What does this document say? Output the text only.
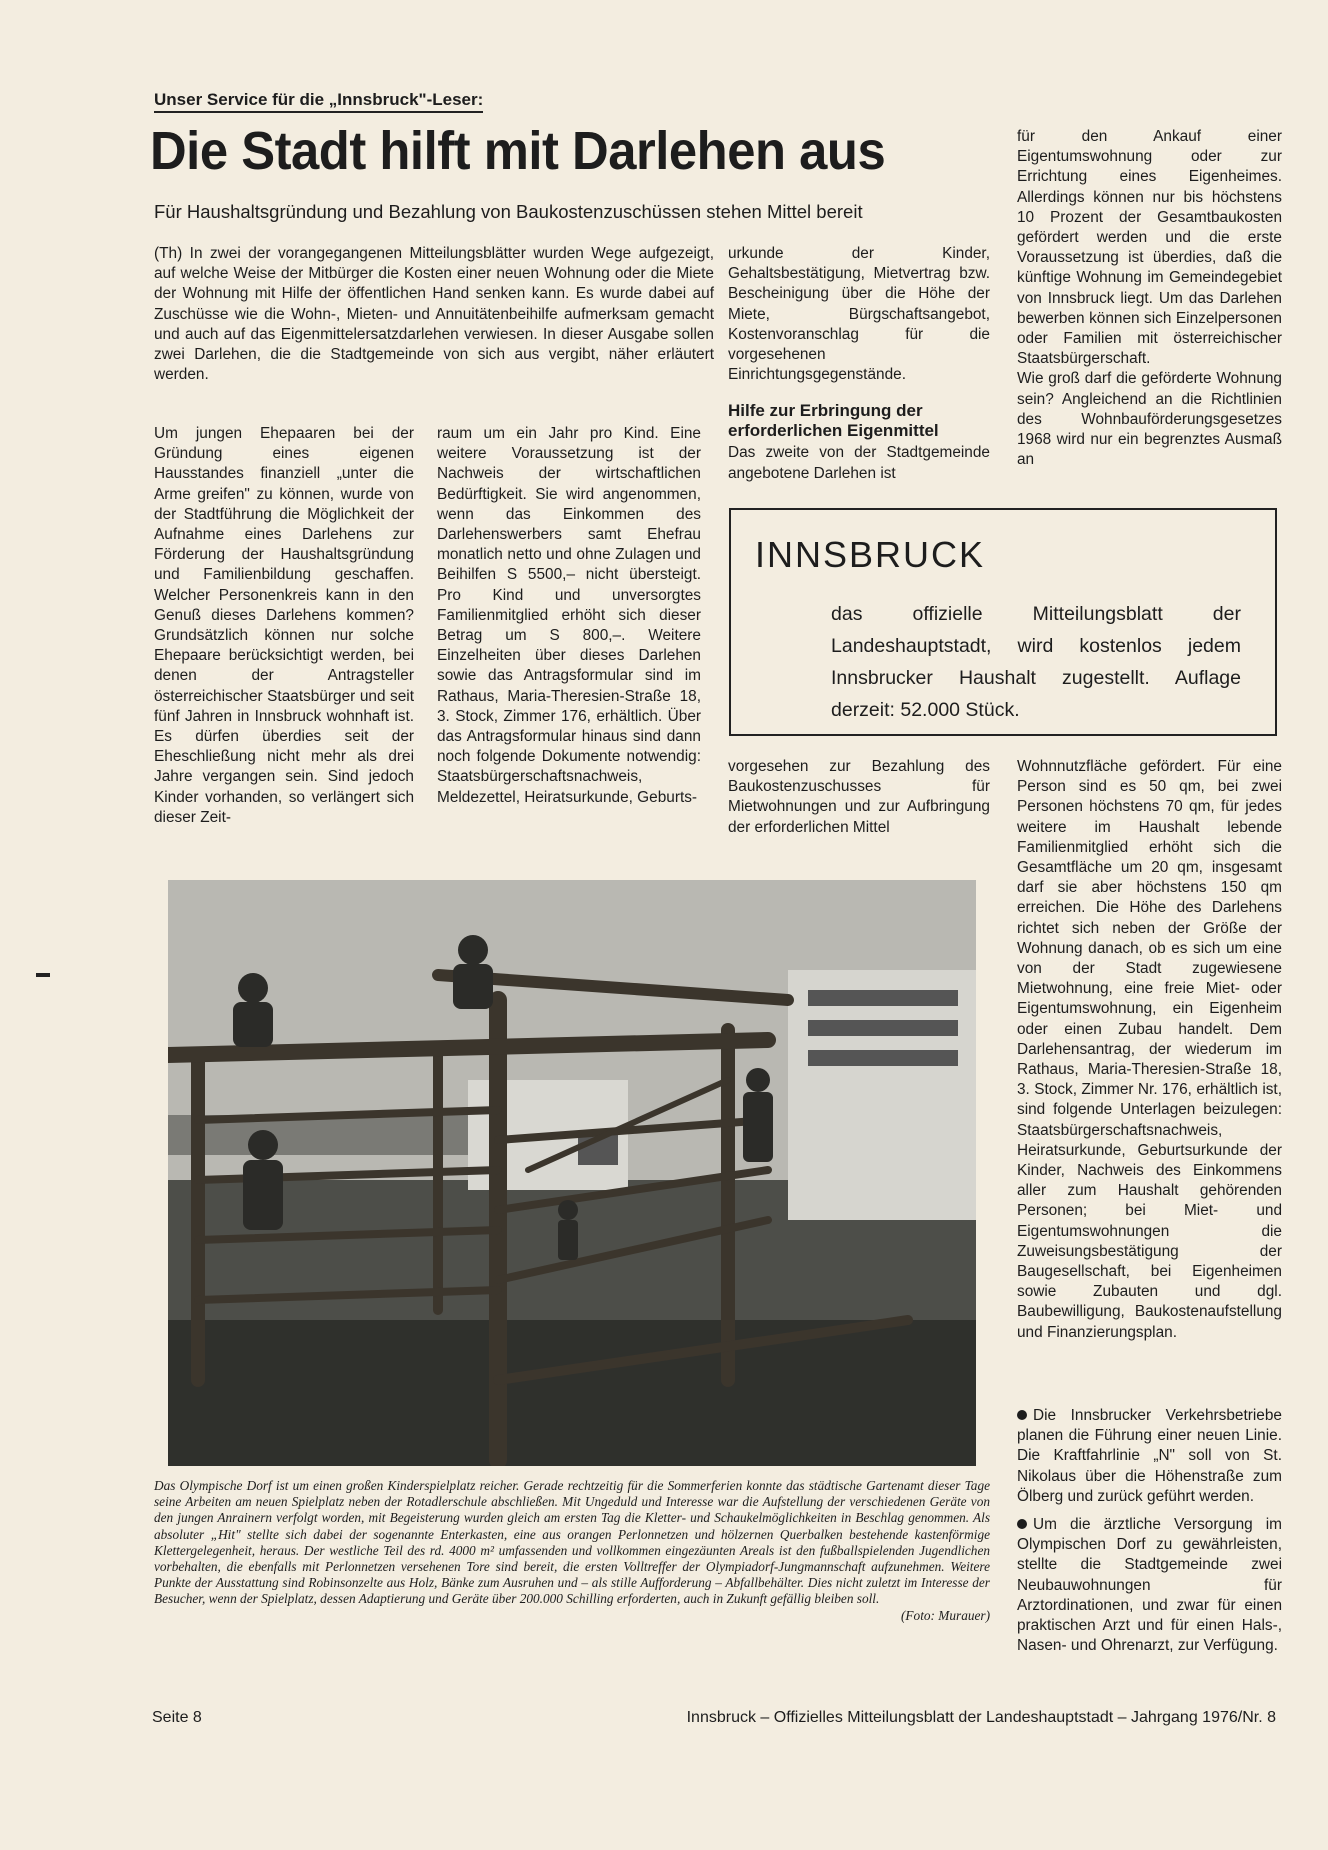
Unser Service für die „Innsbruck"-Leser:
Die Stadt hilft mit Darlehen aus
Für Haushaltsgründung und Bezahlung von Baukostenzuschüssen stehen Mittel bereit
(Th) In zwei der vorangegangenen Mitteilungsblätter wurden Wege aufgezeigt, auf welche Weise der Mitbürger die Kosten einer neuen Wohnung oder die Miete der Wohnung mit Hilfe der öffentlichen Hand senken kann. Es wurde dabei auf Zuschüsse wie die Wohn-, Mieten- und Annuitätenbeihilfe aufmerksam gemacht und auch auf das Eigenmittelersatzdarlehen verwiesen. In dieser Ausgabe sollen zwei Darlehen, die die Stadtgemeinde von sich aus vergibt, näher erläutert werden.
Um jungen Ehepaaren bei der Gründung eines eigenen Hausstandes finanziell „unter die Arme greifen" zu können, wurde von der Stadtführung die Möglichkeit der Aufnahme eines Darlehens zur Förderung der Haushaltsgründung und Familienbildung geschaffen. Welcher Personenkreis kann in den Genuß dieses Darlehens kommen? Grundsätzlich können nur solche Ehepaare berücksichtigt werden, bei denen der Antragsteller österreichischer Staatsbürger und seit fünf Jahren in Innsbruck wohnhaft ist. Es dürfen überdies seit der Eheschließung nicht mehr als drei Jahre vergangen sein. Sind jedoch Kinder vorhanden, so verlängert sich dieser Zeit-
raum um ein Jahr pro Kind. Eine weitere Voraussetzung ist der Nachweis der wirtschaftlichen Bedürftigkeit. Sie wird angenommen, wenn das Einkommen des Darlehenswerbers samt Ehefrau monatlich netto und ohne Zulagen und Beihilfen S 5500,– nicht übersteigt. Pro Kind und unversorgtes Familienmitglied erhöht sich dieser Betrag um S 800,–. Weitere Einzelheiten über dieses Darlehen sowie das Antragsformular sind im Rathaus, Maria-Theresien-Straße 18, 3. Stock, Zimmer 176, erhältlich. Über das Antragsformular hinaus sind dann noch folgende Dokumente notwendig: Staatsbürgerschaftsnachweis, Meldezettel, Heiratsurkunde, Geburts-

urkunde der Kinder, Gehaltsbestätigung, Mietvertrag bzw. Bescheinigung über die Höhe der Miete, Bürgschaftsangebot, Kostenvoranschlag für die vorgesehenen Einrichtungsgegenstände.

Hilfe zur Erbringung der erforderlichen Eigenmittel

Das zweite von der Stadtgemeinde angebotene Darlehen ist

für den Ankauf einer Eigentumswohnung oder zur Errichtung eines Eigenheimes. Allerdings können nur bis höchstens 10 Prozent der Gesamtbaukosten gefördert werden und die erste Voraussetzung ist überdies, daß die künftige Wohnung im Gemeindegebiet von Innsbruck liegt. Um das Darlehen bewerben können sich Einzelpersonen oder Familien mit österreichischer Staatsbürgerschaft.

Wie groß darf die geförderte Wohnung sein? Angleichend an die Richtlinien des Wohnbauförderungsgesetzes 1968 wird nur ein begrenztes Ausmaß an

INNSBRUCK
das offizielle Mitteilungsblatt der Landeshauptstadt, wird kostenlos jedem Innsbrucker Haushalt zugestellt. Auflage derzeit: 52.000 Stück.
vorgesehen zur Bezahlung des Baukostenzuschusses für Mietwohnungen und zur Aufbringung der erforderlichen Mittel
Wohnnutzfläche gefördert. Für eine Person sind es 50 qm, bei zwei Personen höchstens 70 qm, für jedes weitere im Haushalt lebende Familienmitglied erhöht sich die Gesamtfläche um 20 qm, insgesamt darf sie aber höchstens 150 qm erreichen. Die Höhe des Darlehens richtet sich neben der Größe der Wohnung danach, ob es sich um eine von der Stadt zugewiesene Mietwohnung, eine freie Miet- oder Eigentumswohnung, ein Eigenheim oder einen Zubau handelt. Dem Darlehensantrag, der wiederum im Rathaus, Maria-Theresien-Straße 18, 3. Stock, Zimmer Nr. 176, erhältlich ist, sind folgende Unterlagen beizulegen: Staatsbürgerschaftsnachweis, Heiratsurkunde, Geburtsurkunde der Kinder, Nachweis des Einkommens aller zum Haushalt gehörenden Personen; bei Miet- und Eigentumswohnungen die Zuweisungsbestätigung der Baugesellschaft, bei Eigenheimen sowie Zubauten und dgl. Baubewilligung, Baukostenaufstellung und Finanzierungsplan.

Die Innsbrucker Verkehrsbetriebe planen die Führung einer neuen Linie. Die Kraftfahrlinie „N" soll von St. Nikolaus über die Höhenstraße zum Ölberg und zurück geführt werden.

Um die ärztliche Versorgung im Olympischen Dorf zu gewährleisten, stellte die Stadtgemeinde zwei Neubauwohnungen für Arztordinationen, und zwar für einen praktischen Arzt und für einen Hals-, Nasen- und Ohrenarzt, zur Verfügung.

Das Olympische Dorf ist um einen großen Kinderspielplatz reicher. Gerade rechtzeitig für die Sommerferien konnte das städtische Gartenamt dieser Tage seine Arbeiten am neuen Spielplatz neben der Rotadlerschule abschließen. Mit Ungeduld und Interesse war die Aufstellung der verschiedenen Geräte von den jungen Anrainern verfolgt worden, mit Begeisterung wurden gleich am ersten Tag die Kletter- und Schaukelmöglichkeiten in Beschlag genommen. Als absoluter „Hit" stellte sich dabei der sogenannte Enterkasten, eine aus orangen Perlonnetzen und hölzernen Querbalken bestehende kastenförmige Klettergelegenheit, heraus. Der westliche Teil des rd. 4000 m² umfassenden und vollkommen eingezäunten Areals ist den fußballspielenden Jugendlichen vorbehalten, die ebenfalls mit Perlonnetzen versehenen Tore sind bereit, die ersten Volltreffer der Olympiadorf-Jungmannschaft aufzunehmen. Weitere Punkte der Ausstattung sind Robinsonzelte aus Holz, Bänke zum Ausruhen und – als stille Aufforderung – Abfallbehälter. Dies nicht zuletzt im Interesse der Besucher, wenn der Spielplatz, dessen Adaptierung und Geräte über 200.000 Schilling erforderten, auch in Zukunft gefällig bleiben soll.
(Foto: Murauer)
Seite 8	Innsbruck – Offizielles Mitteilungsblatt der Landeshauptstadt – Jahrgang 1976/Nr. 8
